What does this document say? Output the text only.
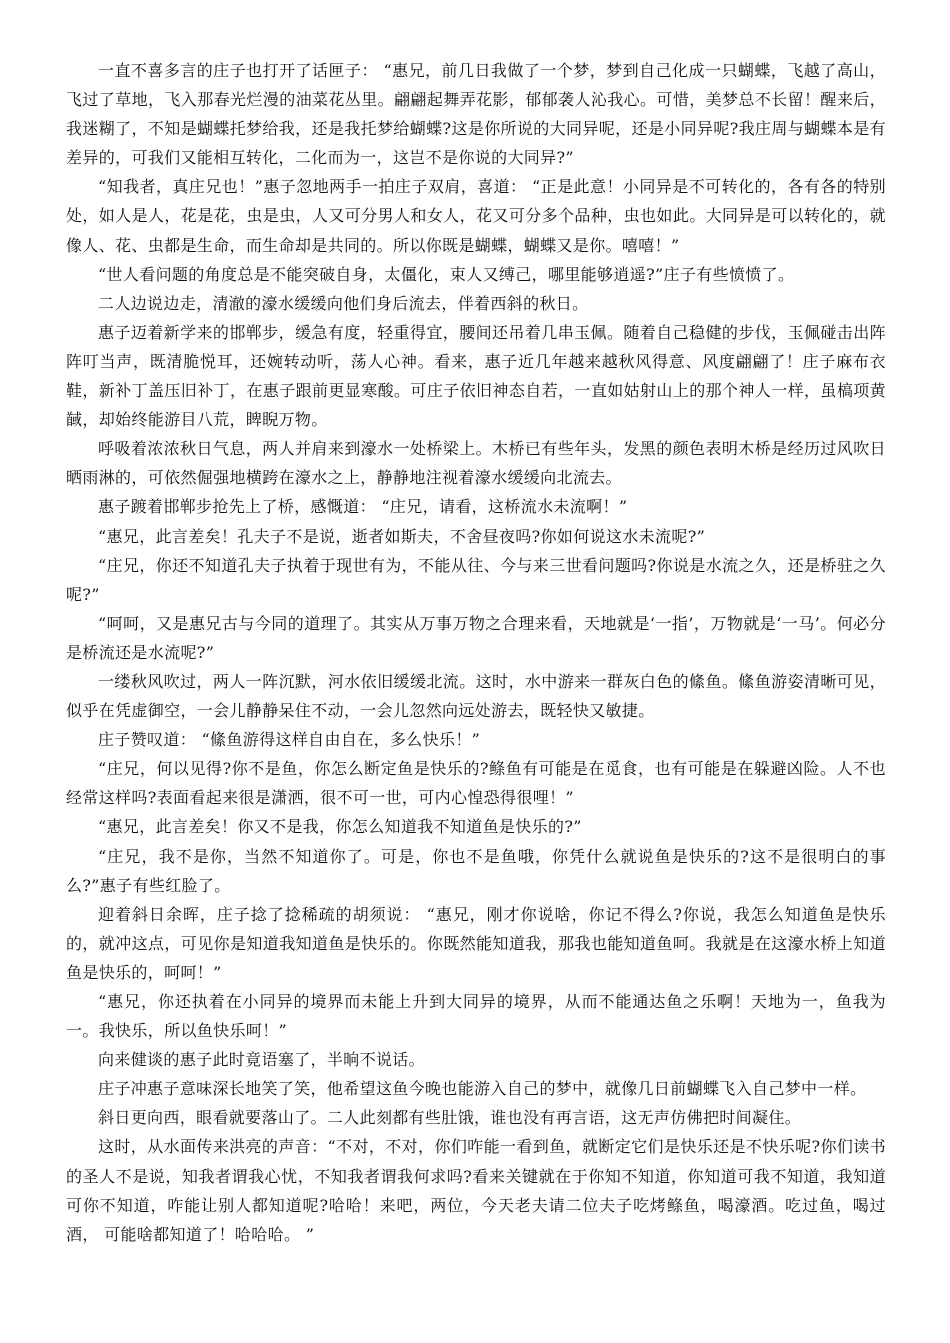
一直不喜多言的庄子也打开了话匣子： “惠兄，前几日我做了一个梦，梦到自己化成一只蝴蝶，飞越了高山，飞过了草地，飞入那春光烂漫的油菜花丛里。翩翩起舞弄花影，郁郁袭人沁我心。可惜，美梦总不长留！醒来后，我迷糊了，不知是蝴蝶托梦给我，还是我托梦给蝴蝶?这是你所说的大同异呢，还是小同异呢?我庄周与蝴蝶本是有差异的，可我们又能相互转化，二化而为一，这岂不是你说的大同异?”

“知我者，真庄兄也！”惠子忽地两手一拍庄子双肩，喜道： “正是此意！小同异是不可转化的，各有各的特别处，如人是人，花是花，虫是虫，人又可分男人和女人，花又可分多个品种，虫也如此。大同异是可以转化的，就像人、花、虫都是生命，而生命却是共同的。所以你既是蝴蝶，蝴蝶又是你。嘻嘻！”

“世人看问题的角度总是不能突破自身，太僵化，束人又缚己，哪里能够逍遥?”庄子有些愤愤了。

二人边说边走，清澈的濠水缓缓向他们身后流去，伴着西斜的秋日。

惠子迈着新学来的邯郸步，缓急有度，轻重得宜，腰间还吊着几串玉佩。随着自己稳健的步伐，玉佩碰击出阵阵叮当声，既清脆悦耳，还婉转动听，荡人心神。看来，惠子近几年越来越秋风得意、风度翩翩了！庄子麻布衣鞋，新补丁盖压旧补丁，在惠子跟前更显寒酸。可庄子依旧神态自若，一直如姑射山上的那个神人一样，虽槁项黄馘，却始终能游目八荒，睥睨万物。

呼吸着浓浓秋日气息，两人并肩来到濠水一处桥梁上。木桥已有些年头，发黑的颜色表明木桥是经历过风吹日晒雨淋的，可依然倔强地横跨在濠水之上，静静地注视着濠水缓缓向北流去。

惠子踱着邯郸步抢先上了桥，感慨道： “庄兄，请看，这桥流水未流啊！”

“惠兄，此言差矣！孔夫子不是说，逝者如斯夫，不舍昼夜吗?你如何说这水未流呢?”

“庄兄，你还不知道孔夫子执着于现世有为，不能从往、今与来三世看问题吗?你说是水流之久，还是桥驻之久呢?”

“呵呵，又是惠兄古与今同的道理了。其实从万事万物之合理来看，天地就是‘一指’，万物就是‘一马’。何必分是桥流还是水流呢?”

一缕秋风吹过，两人一阵沉默，河水依旧缓缓北流。这时，水中游来一群灰白色的絛鱼。絛鱼游姿清晰可见，似乎在凭虚御空，一会儿静静呆住不动，一会儿忽然向远处游去，既轻快又敏捷。

庄子赞叹道： “絛鱼游得这样自由自在，多么快乐！”

“庄兄，何以见得?你不是鱼，你怎么断定鱼是快乐的?鲦鱼有可能是在觅食，也有可能是在躲避凶险。人不也经常这样吗?表面看起来很是潇洒，很不可一世，可内心惶恐得很哩！”

“惠兄，此言差矣！你又不是我，你怎么知道我不知道鱼是快乐的?”

“庄兄，我不是你，当然不知道你了。可是，你也不是鱼哦，你凭什么就说鱼是快乐的?这不是很明白的事么?”惠子有些红脸了。

迎着斜日余晖，庄子捻了捻稀疏的胡须说： “惠兄，刚才你说啥，你记不得么?你说，我怎么知道鱼是快乐的，就冲这点，可见你是知道我知道鱼是快乐的。你既然能知道我，那我也能知道鱼呵。我就是在这濠水桥上知道鱼是快乐的，呵呵！”

“惠兄，你还执着在小同异的境界而未能上升到大同异的境界，从而不能通达鱼之乐啊！天地为一，鱼我为一。我快乐，所以鱼快乐呵！”

向来健谈的惠子此时竟语塞了，半晌不说话。

庄子冲惠子意味深长地笑了笑，他希望这鱼今晚也能游入自己的梦中，就像几日前蝴蝶飞入自己梦中一样。

斜日更向西，眼看就要落山了。二人此刻都有些肚饿，谁也没有再言语，这无声仿佛把时间凝住。

这时，从水面传来洪亮的声音：“不对，不对，你们咋能一看到鱼，就断定它们是快乐还是不快乐呢?你们读书的圣人不是说，知我者谓我心忧，不知我者谓我何求吗?看来关键就在于你知不知道，你知道可我不知道，我知道可你不知道，咋能让别人都知道呢?哈哈！来吧，两位，今天老夫请二位夫子吃烤鲦鱼，喝濠酒。吃过鱼，喝过酒， 可能啥都知道了！哈哈哈。 ”
